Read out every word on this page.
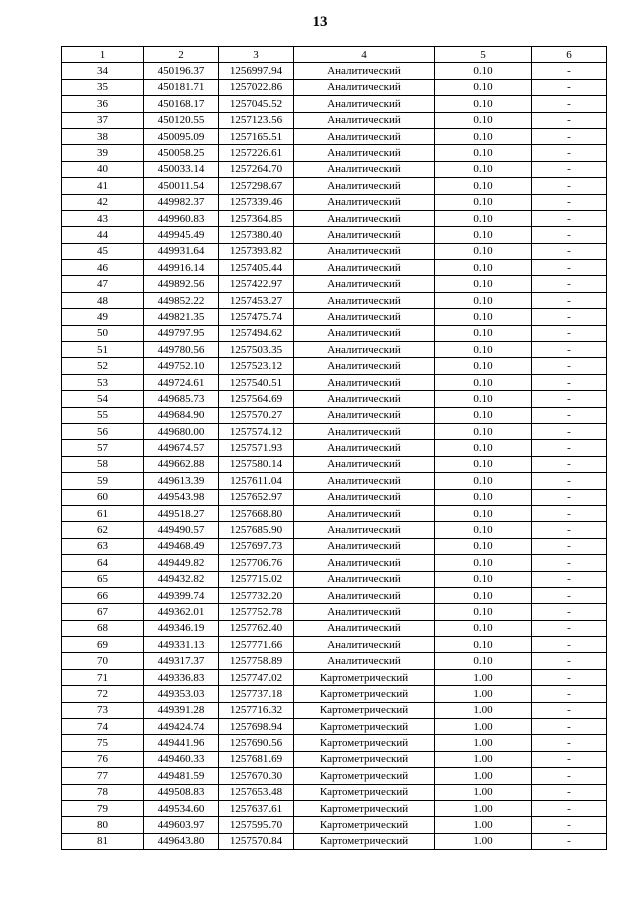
13
1	2	3	4	5	6
34	450196.37	1256997.94	Аналитический	0.10	-
35	450181.71	1257022.86	Аналитический	0.10	-
36	450168.17	1257045.52	Аналитический	0.10	-
37	450120.55	1257123.56	Аналитический	0.10	-
38	450095.09	1257165.51	Аналитический	0.10	-
39	450058.25	1257226.61	Аналитический	0.10	-
40	450033.14	1257264.70	Аналитический	0.10	-
41	450011.54	1257298.67	Аналитический	0.10	-
42	449982.37	1257339.46	Аналитический	0.10	-
43	449960.83	1257364.85	Аналитический	0.10	-
44	449945.49	1257380.40	Аналитический	0.10	-
45	449931.64	1257393.82	Аналитический	0.10	-
46	449916.14	1257405.44	Аналитический	0.10	-
47	449892.56	1257422.97	Аналитический	0.10	-
48	449852.22	1257453.27	Аналитический	0.10	-
49	449821.35	1257475.74	Аналитический	0.10	-
50	449797.95	1257494.62	Аналитический	0.10	-
51	449780.56	1257503.35	Аналитический	0.10	-
52	449752.10	1257523.12	Аналитический	0.10	-
53	449724.61	1257540.51	Аналитический	0.10	-
54	449685.73	1257564.69	Аналитический	0.10	-
55	449684.90	1257570.27	Аналитический	0.10	-
56	449680.00	1257574.12	Аналитический	0.10	-
57	449674.57	1257571.93	Аналитический	0.10	-
58	449662.88	1257580.14	Аналитический	0.10	-
59	449613.39	1257611.04	Аналитический	0.10	-
60	449543.98	1257652.97	Аналитический	0.10	-
61	449518.27	1257668.80	Аналитический	0.10	-
62	449490.57	1257685.90	Аналитический	0.10	-
63	449468.49	1257697.73	Аналитический	0.10	-
64	449449.82	1257706.76	Аналитический	0.10	-
65	449432.82	1257715.02	Аналитический	0.10	-
66	449399.74	1257732.20	Аналитический	0.10	-
67	449362.01	1257752.78	Аналитический	0.10	-
68	449346.19	1257762.40	Аналитический	0.10	-
69	449331.13	1257771.66	Аналитический	0.10	-
70	449317.37	1257758.89	Аналитический	0.10	-
71	449336.83	1257747.02	Картометрический	1.00	-
72	449353.03	1257737.18	Картометрический	1.00	-
73	449391.28	1257716.32	Картометрический	1.00	-
74	449424.74	1257698.94	Картометрический	1.00	-
75	449441.96	1257690.56	Картометрический	1.00	-
76	449460.33	1257681.69	Картометрический	1.00	-
77	449481.59	1257670.30	Картометрический	1.00	-
78	449508.83	1257653.48	Картометрический	1.00	-
79	449534.60	1257637.61	Картометрический	1.00	-
80	449603.97	1257595.70	Картометрический	1.00	-
81	449643.80	1257570.84	Картометрический	1.00	-
